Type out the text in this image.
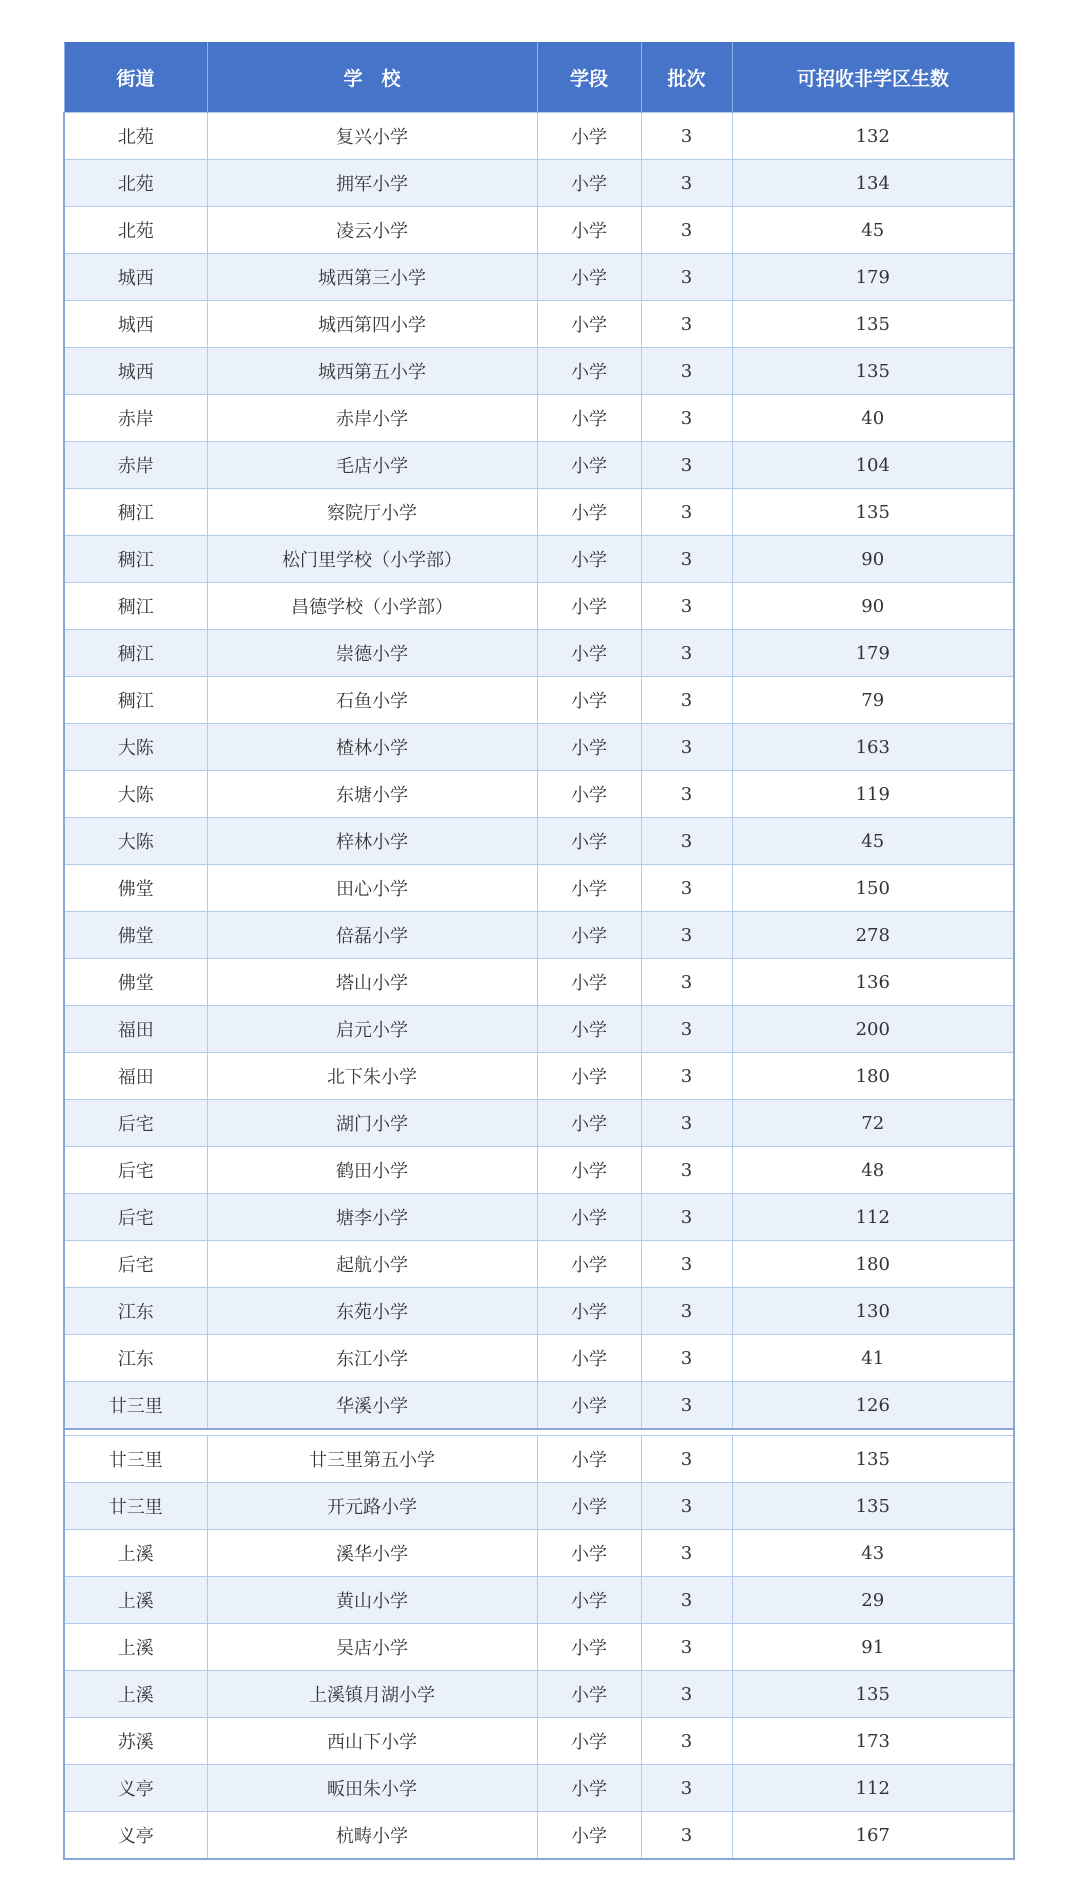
街道	学　校	学段	批次	可招收非学区生数
北苑	复兴小学	小学	3	132
北苑	拥军小学	小学	3	134
北苑	凌云小学	小学	3	45
城西	城西第三小学	小学	3	179
城西	城西第四小学	小学	3	135
城西	城西第五小学	小学	3	135
赤岸	赤岸小学	小学	3	40
赤岸	毛店小学	小学	3	104
稠江	察院厅小学	小学	3	135
稠江	松门里学校（小学部）	小学	3	90
稠江	昌德学校（小学部）	小学	3	90
稠江	崇德小学	小学	3	179
稠江	石鱼小学	小学	3	79
大陈	楂林小学	小学	3	163
大陈	东塘小学	小学	3	119
大陈	梓林小学	小学	3	45
佛堂	田心小学	小学	3	150
佛堂	倍磊小学	小学	3	278
佛堂	塔山小学	小学	3	136
福田	启元小学	小学	3	200
福田	北下朱小学	小学	3	180
后宅	湖门小学	小学	3	72
后宅	鹤田小学	小学	3	48
后宅	塘李小学	小学	3	112
后宅	起航小学	小学	3	180
江东	东苑小学	小学	3	130
江东	东江小学	小学	3	41
廿三里	华溪小学	小学	3	126

廿三里	廿三里第五小学	小学	3	135
廿三里	开元路小学	小学	3	135
上溪	溪华小学	小学	3	43
上溪	黄山小学	小学	3	29
上溪	吴店小学	小学	3	91
上溪	上溪镇月湖小学	小学	3	135
苏溪	西山下小学	小学	3	173
义亭	畈田朱小学	小学	3	112
义亭	杭畴小学	小学	3	167
